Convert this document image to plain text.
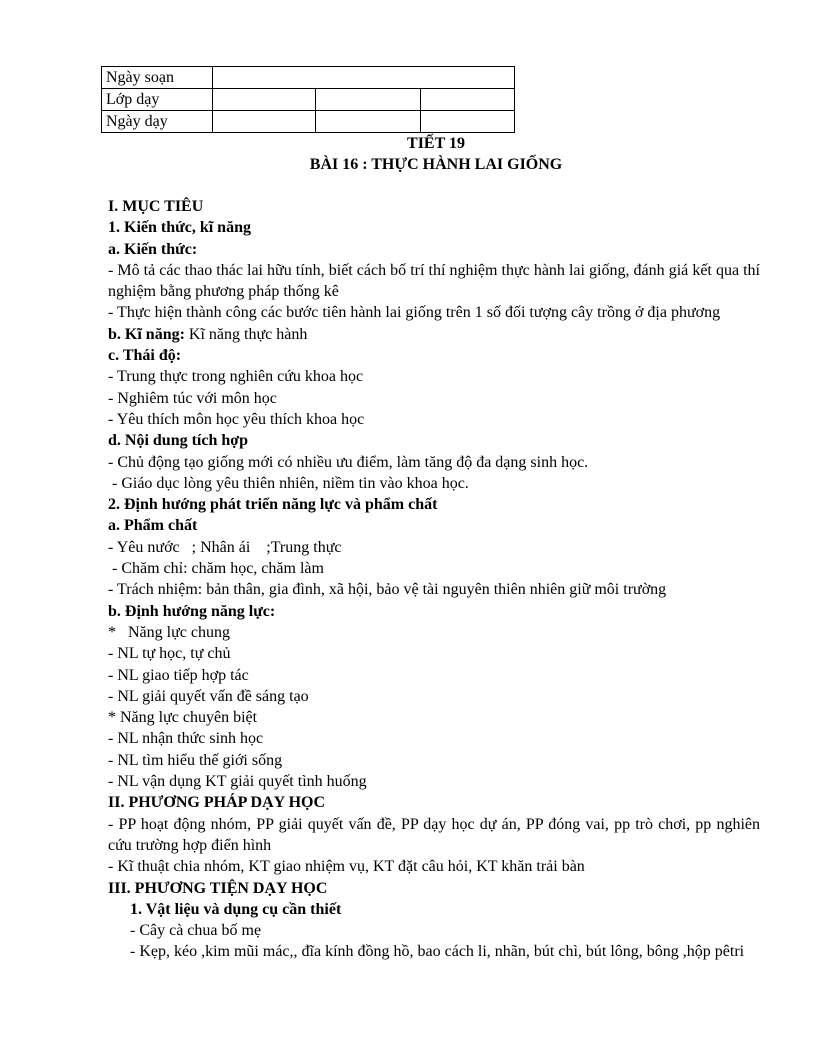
Ngày soạn			
Lớp dạy			
Ngày dạy			
TIẾT 19
BÀI 16 : THỰC HÀNH LAI GIỐNG

I. MỤC TIÊU

1. Kiến thức, kĩ năng

a. Kiến thức:

- Mô tả các thao thác lai hữu tính, biết cách bố trí thí nghiệm thực hành lai giống, đánh giá kết qua thí nghiệm bằng phương pháp thống kê

- Thực hiện thành công các bước tiên hành lai giống trên 1 số đối tượng cây trồng ở địa phương

b. Kĩ năng: Kĩ năng thực hành

c. Thái độ:

- Trung thực trong nghiên cứu khoa học

- Nghiêm túc với môn học

- Yêu thích môn học yêu thích khoa học

d. Nội dung tích hợp

- Chủ động tạo giống mới có nhiều ưu điểm, làm tăng độ đa dạng sinh học.

- Giáo dục lòng yêu thiên nhiên, niềm tin vào khoa học.

2. Định hướng phát triển năng lực và phẩm chất

a. Phẩm chất

- Yêu nước   ; Nhân ái    ;Trung thực

- Chăm chỉ: chăm học, chăm làm

- Trách nhiệm: bản thân, gia đình, xã hội, bảo vệ tài nguyên thiên nhiên giữ môi trường

b. Định hướng năng lực:

*   Năng lực chung

- NL tự học, tự chủ

- NL giao tiếp hợp tác

- NL giải quyết vấn đề sáng tạo

* Năng lực chuyên biệt

- NL nhận thức sinh học

- NL tìm hiểu thế giới sống

- NL vận dụng KT giải quyết tình huống

II. PHƯƠNG PHÁP DẠY HỌC

- PP hoạt động nhóm, PP giải quyết vấn đề, PP dạy học dự án, PP đóng vai, pp trò chơi, pp nghiên cứu trường hợp điển hình

- Kĩ thuật chia nhóm, KT giao nhiệm vụ, KT đặt câu hỏi, KT khăn trải bàn

III. PHƯƠNG TIỆN DẠY HỌC

1. Vật liệu và dụng cụ cần thiết

- Cây cà chua bố mẹ

- Kẹp, kéo ,kim mũi mác,, đĩa kính đồng hồ, bao cách li, nhãn, bút chì, bút lông, bông ,hộp pêtri
